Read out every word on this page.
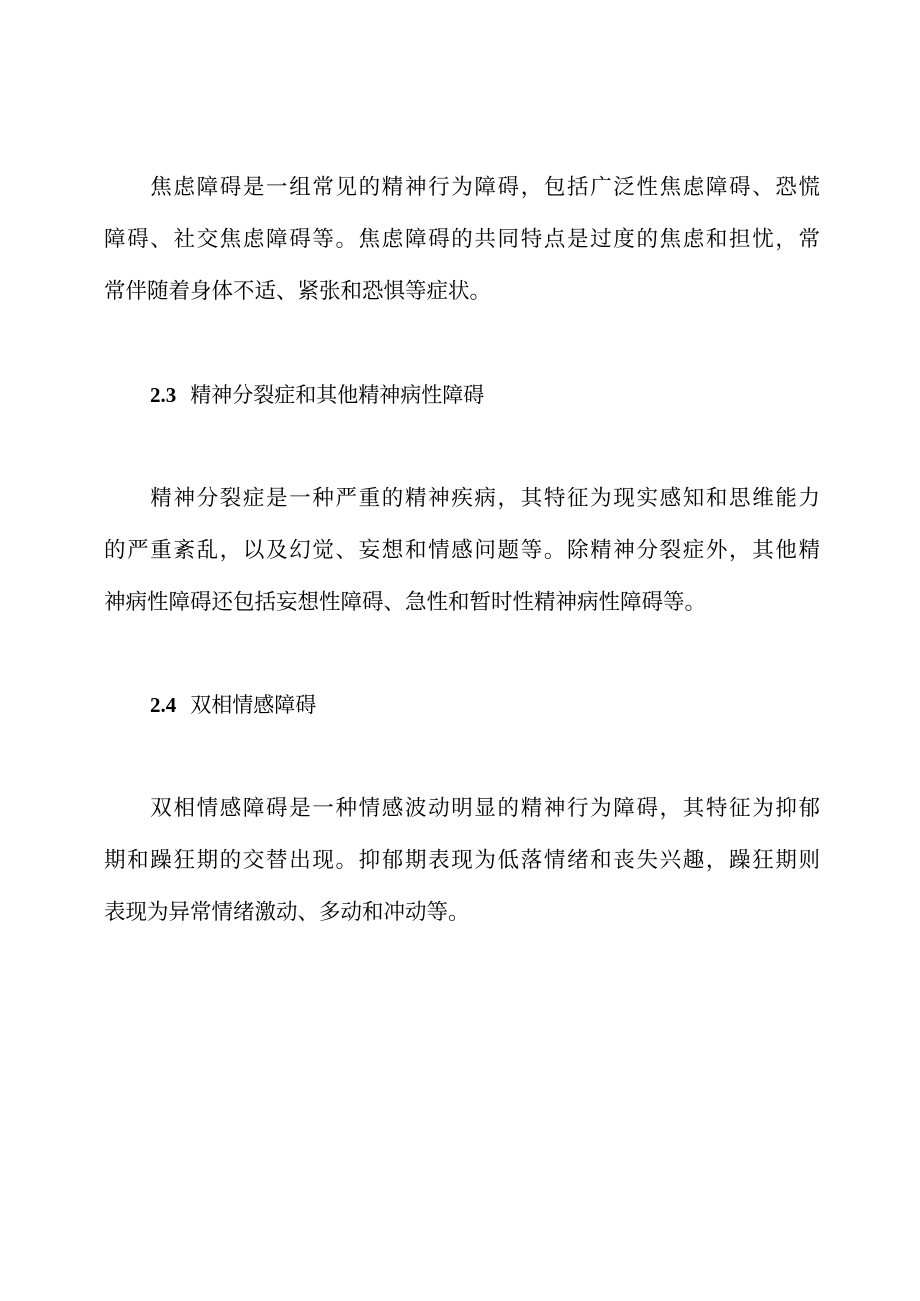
　　焦虑障碍是一组常见的精神行为障碍，包括广泛性焦虑障碍、恐慌
障碍、社交焦虑障碍等。焦虑障碍的共同特点是过度的焦虑和担忧，常
常伴随着身体不适、紧张和恐惧等症状。
2.3 精神分裂症和其他精神病性障碍
　　精神分裂症是一种严重的精神疾病，其特征为现实感知和思维能力
的严重紊乱，以及幻觉、妄想和情感问题等。除精神分裂症外，其他精
神病性障碍还包括妄想性障碍、急性和暂时性精神病性障碍等。
2.4 双相情感障碍
　　双相情感障碍是一种情感波动明显的精神行为障碍，其特征为抑郁
期和躁狂期的交替出现。抑郁期表现为低落情绪和丧失兴趣，躁狂期则
表现为异常情绪激动、多动和冲动等。
